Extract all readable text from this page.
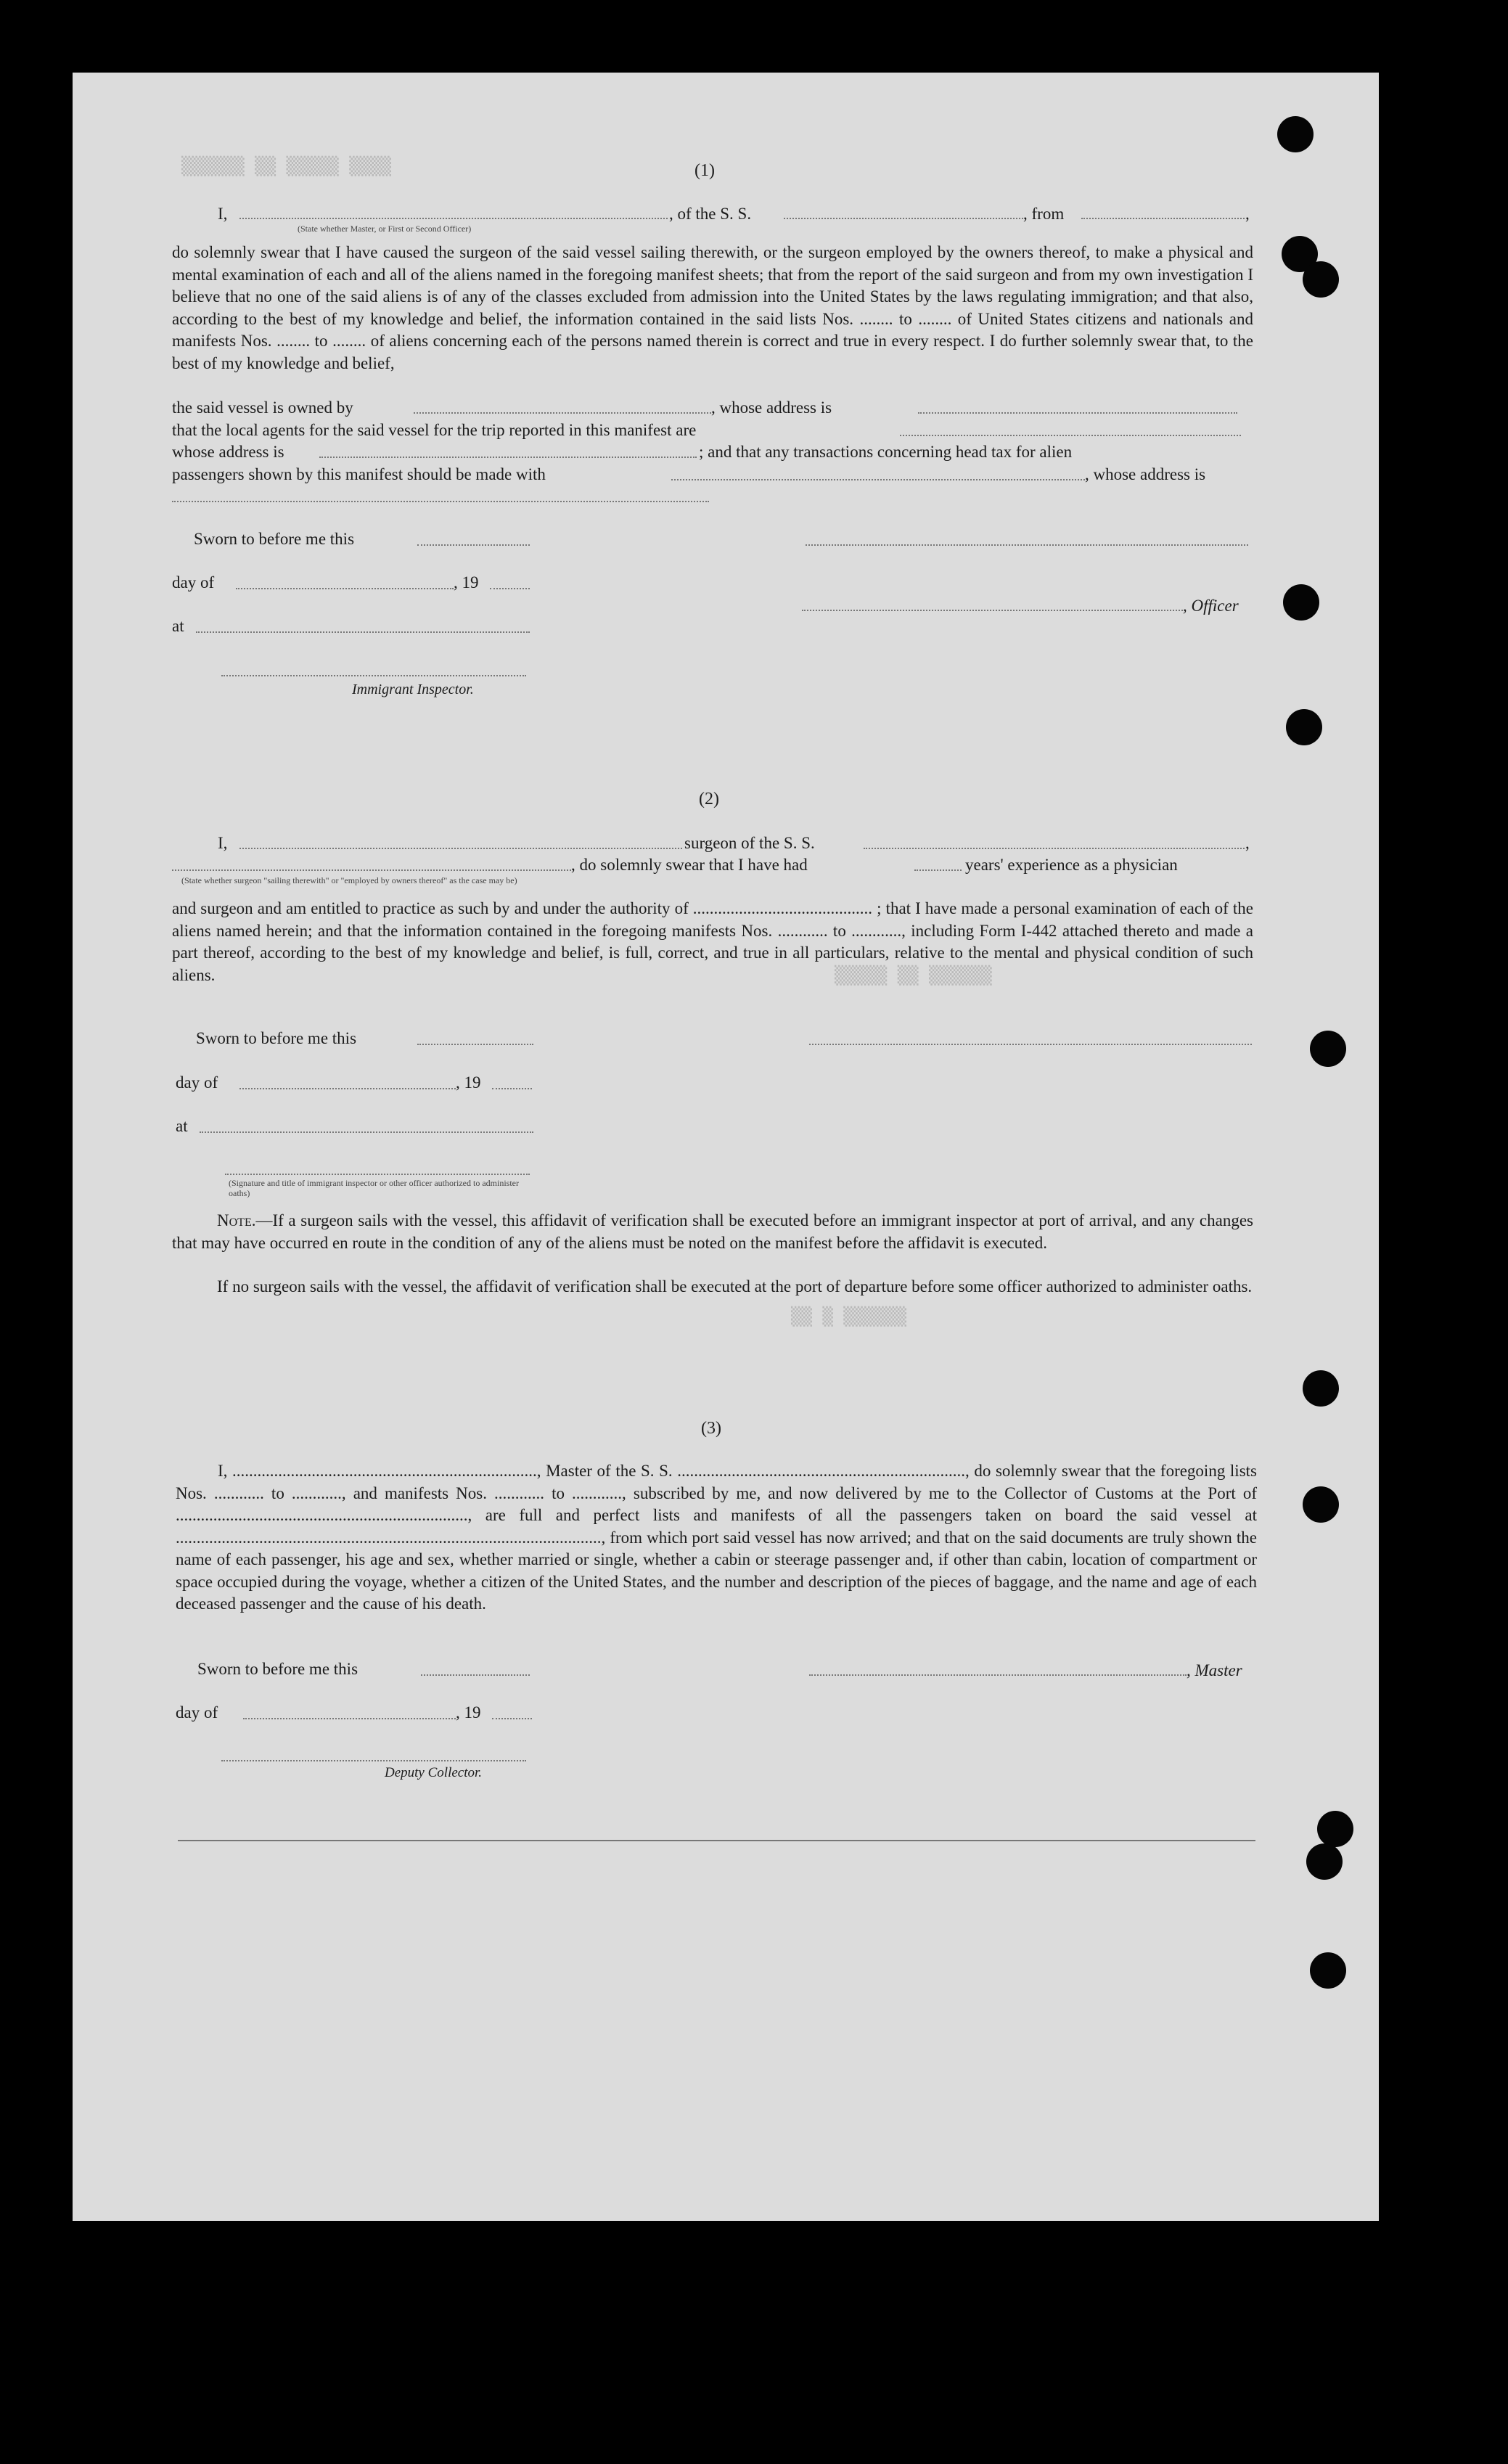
▒▒▒▒▒▒ ▒▒ ▒▒▒▒▒ ▒▒▒▒
▒▒▒▒▒ ▒▒ ▒▒▒▒▒▒
▒▒ ▒ ▒▒▒▒▒▒
(1)
I,	, of the S. S.	, from	,
(State whether Master, or First or Second Officer)
do solemnly swear that I have caused the surgeon of the said vessel sailing therewith, or the surgeon employed by the owners thereof, to make a physical and mental examination of each and all of the aliens named in the foregoing manifest sheets; that from the report of the said surgeon and from my own investigation I believe that no one of the said aliens is of any of the classes excluded from admission into the United States by the laws regulating immigration; and that also, according to the best of my knowledge and belief, the information contained in the said lists Nos. ........ to ........ of United States citizens and nationals and manifests Nos. ........ to ........ of aliens concerning each of the persons named therein is correct and true in every respect. I do further solemnly swear that, to the best of my knowledge and belief,
the said vessel is owned by	, whose address is
that the local agents for the said vessel for the trip reported in this manifest are
whose address is	; and that any transactions concerning head tax for alien
passengers shown by this manifest should be made with	, whose address is
Sworn to before me this
day of	, 19
, Officer
at
Immigrant Inspector.
(2)
I,	surgeon of the S. S.	,
, do solemnly swear that I have had	years' experience as a physician
(State whether surgeon "sailing therewith" or "employed by owners thereof" as the case may be)
and surgeon and am entitled to practice as such by and under the authority of ........................................... ; that I have made a personal examination of each of the aliens named herein; and that the information contained in the foregoing manifests Nos. ............ to ............, including Form I-442 attached thereto and made a part thereof, according to the best of my knowledge and belief, is full, correct, and true in all particulars, relative to the mental and physical condition of such aliens.
Sworn to before me this
day of	, 19
at
(Signature and title of immigrant inspector or other officer authorized to administer oaths)
Note.—If a surgeon sails with the vessel, this affidavit of verification shall be executed before an immigrant inspector at port of arrival, and any changes that may have occurred en route in the condition of any of the aliens must be noted on the manifest before the affidavit is executed.
If no surgeon sails with the vessel, the affidavit of verification shall be executed at the port of departure before some officer authorized to administer oaths.
(3)
I, ........................................................................., Master of the S. S. ....................................................................., do solemnly swear that the foregoing lists Nos. ............ to ............, and manifests Nos. ............ to ............, subscribed by me, and now delivered by me to the Collector of Customs at the Port of ......................................................................, are full and perfect lists and manifests of all the passengers taken on board the said vessel at ......................................................................................................, from which port said vessel has now arrived; and that on the said documents are truly shown the name of each passenger, his age and sex, whether married or single, whether a cabin or steerage passenger and, if other than cabin, location of compartment or space occupied during the voyage, whether a citizen of the United States, and the number and description of the pieces of baggage, and the name and age of each deceased passenger and the cause of his death.
Sworn to before me this	, Master
day of	, 19
Deputy Collector.
